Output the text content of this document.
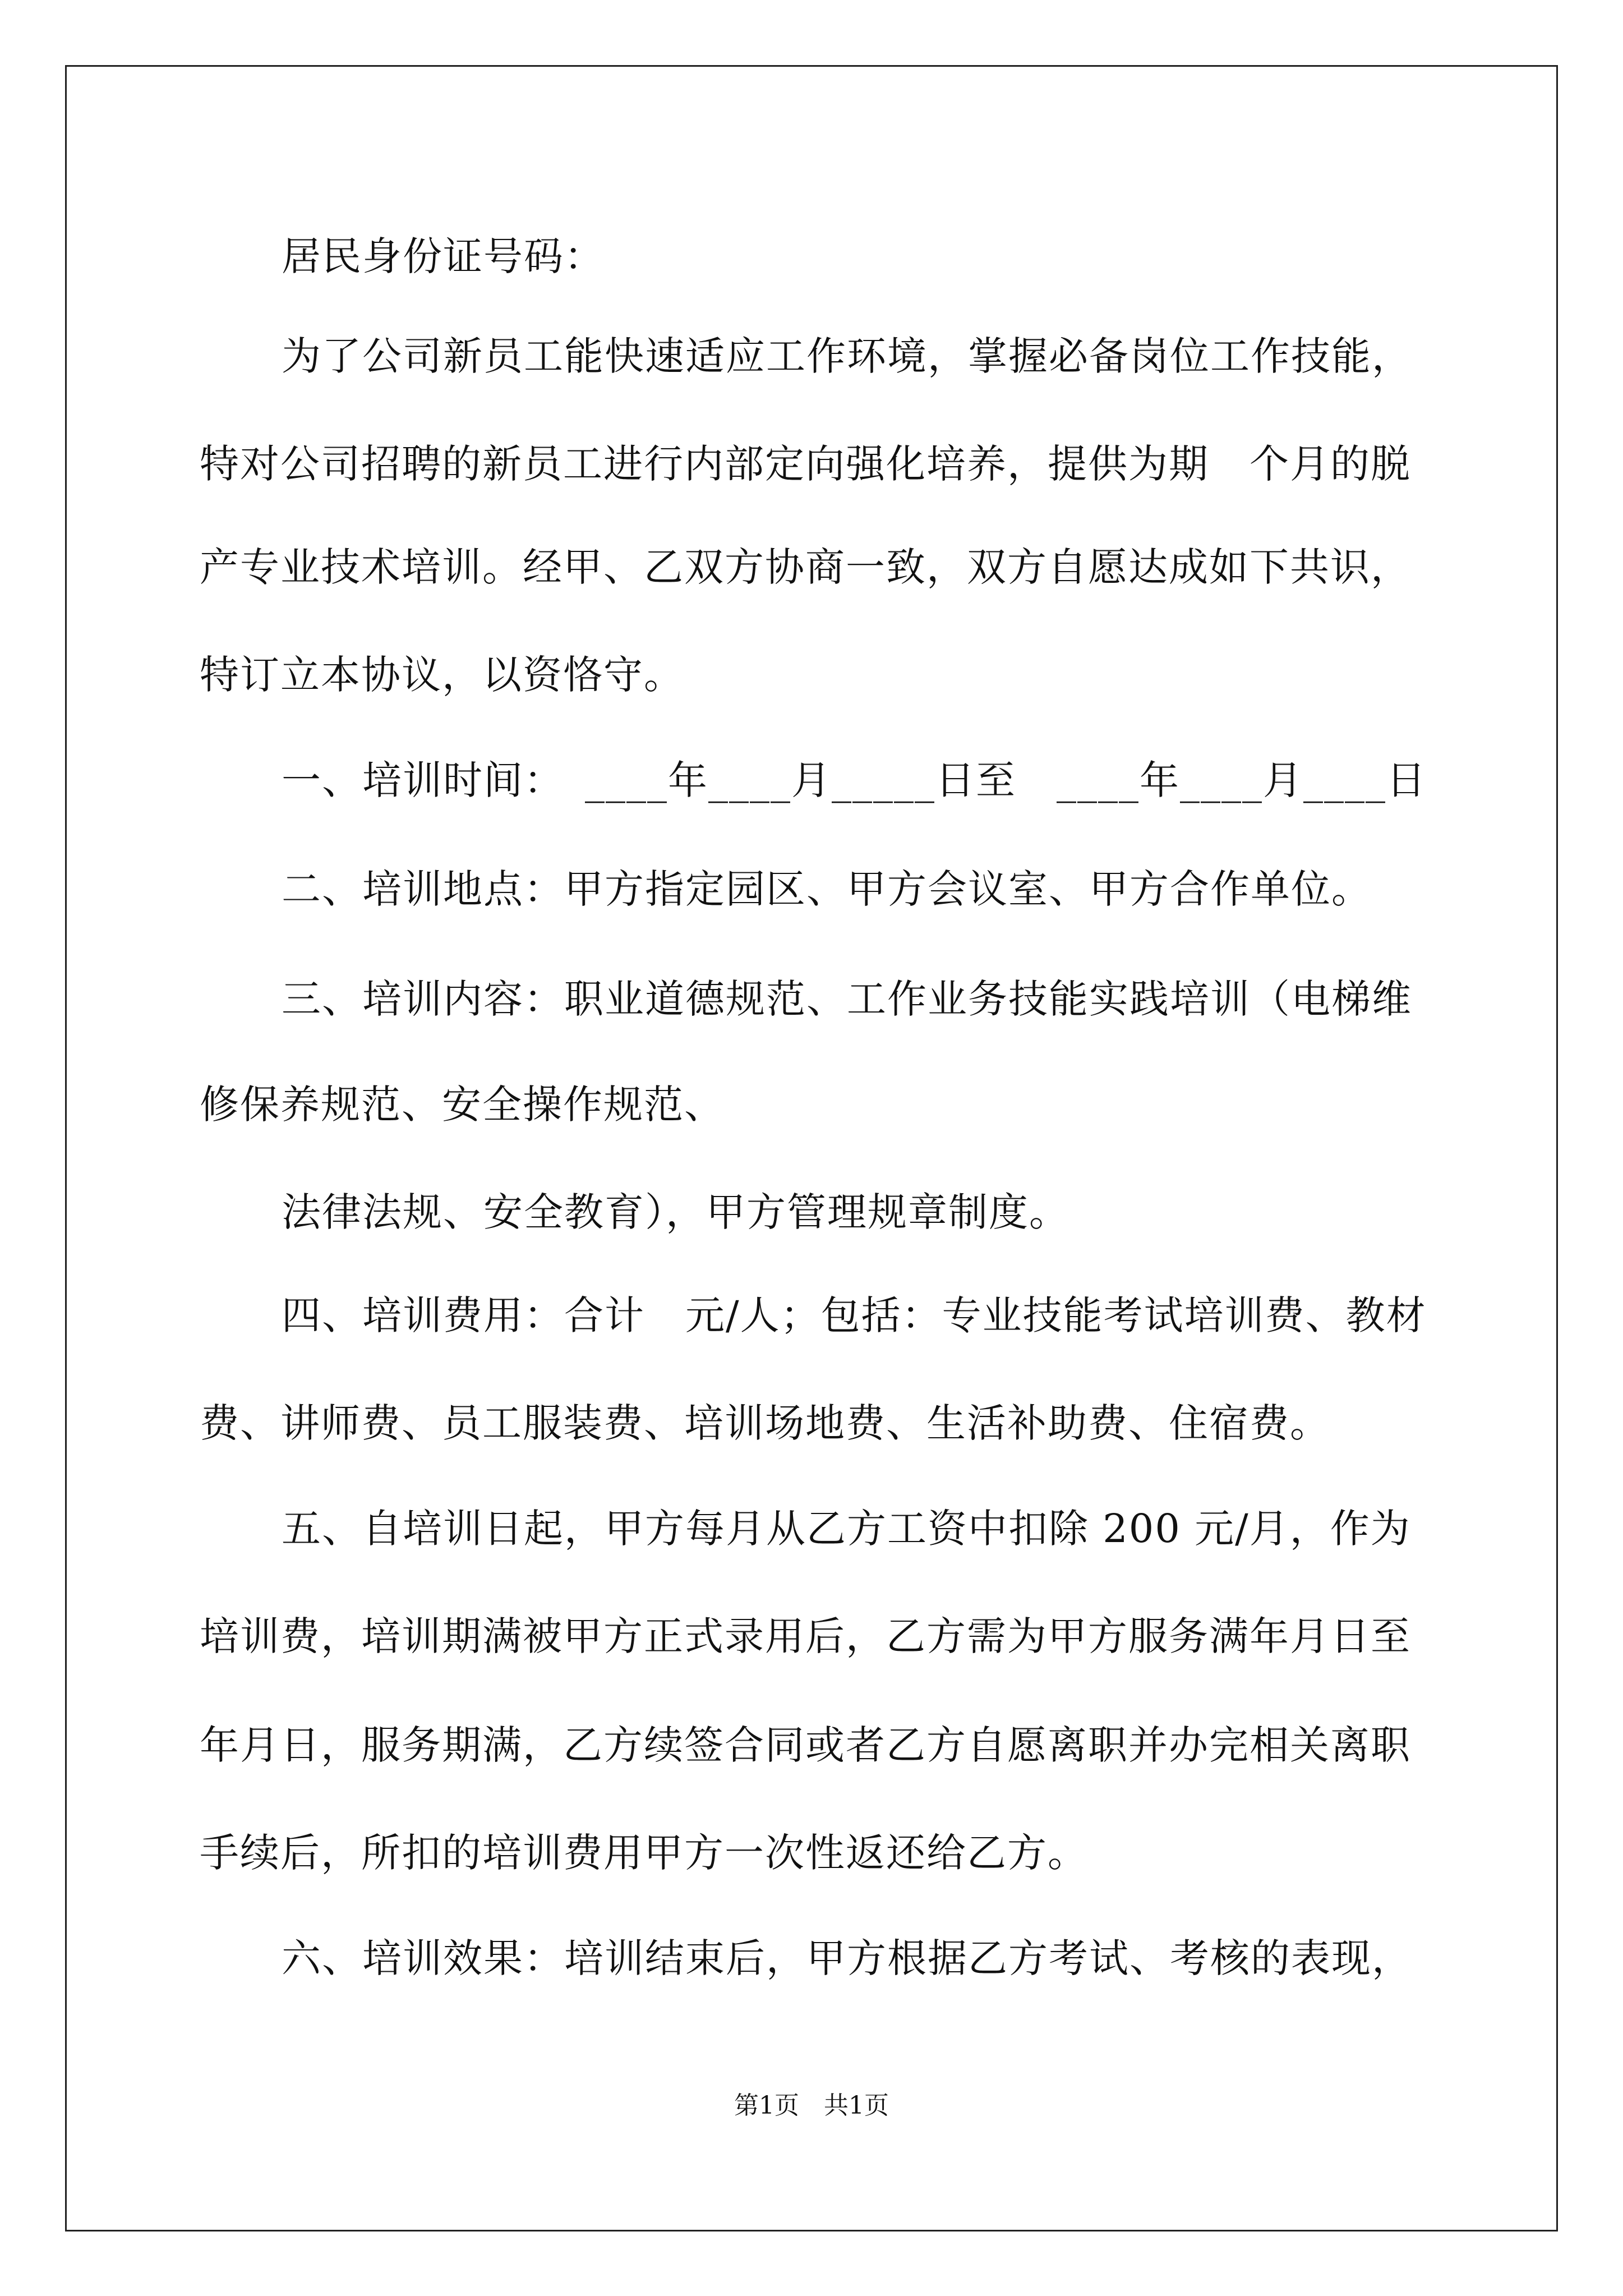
居民身份证号码：
为了公司新员工能快速适应工作环境，掌握必备岗位工作技能，
特对公司招聘的新员工进行内部定向强化培养，提供为期　个月的脱
产专业技术培训。经甲、乙双方协商一致，双方自愿达成如下共识，
特订立本协议，以资恪守。
一、培训时间：　____年____月_____日至　____年____月____日
二、培训地点：甲方指定园区、甲方会议室、甲方合作单位。
三、培训内容：职业道德规范、工作业务技能实践培训（电梯维
修保养规范、安全操作规范、
法律法规、安全教育），甲方管理规章制度。
四、培训费用：合计　元/人；包括：专业技能考试培训费、教材
费、讲师费、员工服装费、培训场地费、生活补助费、住宿费。
五、自培训日起，甲方每月从乙方工资中扣除 200 元/月，作为
培训费，培训期满被甲方正式录用后，乙方需为甲方服务满年月日至
年月日，服务期满，乙方续签合同或者乙方自愿离职并办完相关离职
手续后，所扣的培训费用甲方一次性返还给乙方。
六、培训效果：培训结束后，甲方根据乙方考试、考核的表现，
第1页　共1页
